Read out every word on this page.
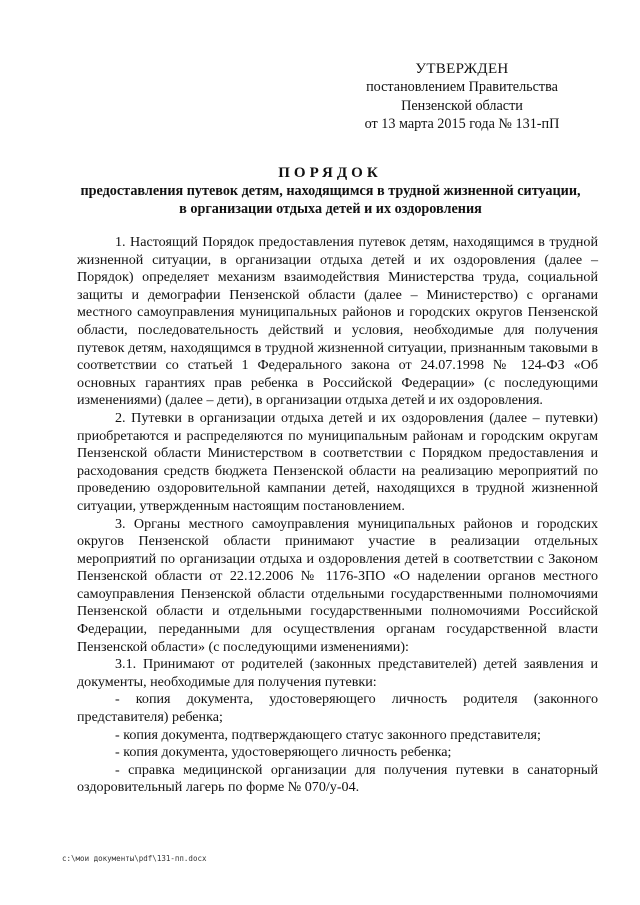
УТВЕРЖДЕН
постановлением Правительства
Пензенской области
от 13 марта 2015 года № 131-пП
ПОРЯДОК
предоставления путевок детям, находящимся в трудной жизненной ситуации, в организации отдыха детей и их оздоровления

1. Настоящий Порядок предоставления путевок детям, находящимся в трудной жизненной ситуации, в организации отдыха детей и их оздоровления (далее – Порядок) определяет механизм взаимодействия Министерства труда, социальной защиты и демографии Пензенской области (далее – Министерство) с органами местного самоуправления муниципальных районов и городских округов Пензенской области, последовательность действий и условия, необходимые для получения путевок детям, находящимся в трудной жизненной ситуации, признанным таковыми в соответствии со статьей 1 Федерального закона от 24.07.1998 № 124-ФЗ «Об основных гарантиях прав ребенка в Российской Федерации» (с последующими изменениями) (далее – дети), в организации отдыха детей и их оздоровления.

2. Путевки в организации отдыха детей и их оздоровления (далее – путевки) приобретаются и распределяются по муниципальным районам и городским округам Пензенской области Министерством в соответствии с Порядком предоставления и расходования средств бюджета Пензенской области на реализацию мероприятий по проведению оздоровительной кампании детей, находящихся в трудной жизненной ситуации, утвержденным настоящим постановлением.

3. Органы местного самоуправления муниципальных районов и городских округов Пензенской области принимают участие в реализации отдельных мероприятий по организации отдыха и оздоровления детей в соответствии с Законом Пензенской области от 22.12.2006 № 1176-ЗПО «О наделении органов местного самоуправления Пензенской области отдельными государственными полномочиями Пензенской области и отдельными государственными полномочиями Российской Федерации, переданными для осуществления органам государственной власти Пензенской области» (с последующими изменениями):

3.1. Принимают от родителей (законных представителей) детей заявления и документы, необходимые для получения путевки:

- копия документа, удостоверяющего личность родителя (законного представителя) ребенка;

- копия документа, подтверждающего статус законного представителя;

- копия документа, удостоверяющего личность ребенка;

- справка медицинской организации для получения путевки в санаторный оздоровительный лагерь по форме № 070/у-04.

c:\мои документы\pdf\131-пп.docx
